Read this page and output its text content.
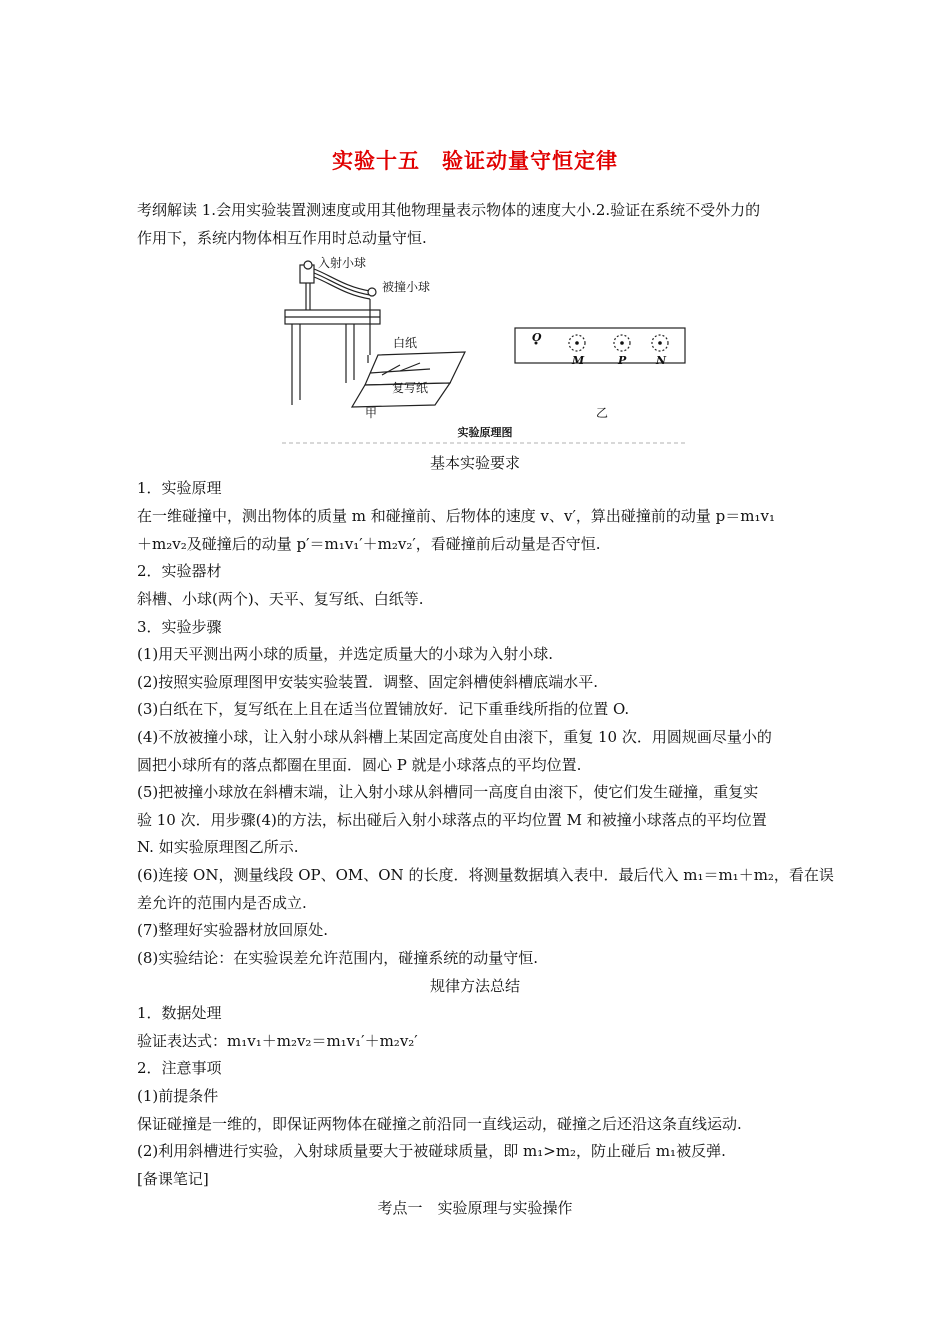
实验十五　验证动量守恒定律
考纲解读 1.会用实验装置测速度或用其他物理量表示物体的速度大小.2.验证在系统不受外力的
作用下，系统内物体相互作用时总动量守恒.
入射小球
被撞小球
白纸
复写纸
O
M	P	N
甲	乙
实验原理图
基本实验要求
1．实验原理
在一维碰撞中，测出物体的质量 m 和碰撞前、后物体的速度 v、v′，算出碰撞前的动量 p＝m₁v₁
＋m₂v₂及碰撞后的动量 p′＝m₁v₁′＋m₂v₂′，看碰撞前后动量是否守恒.
2．实验器材
斜槽、小球(两个)、天平、复写纸、白纸等.
3．实验步骤
(1)用天平测出两小球的质量，并选定质量大的小球为入射小球.
(2)按照实验原理图甲安装实验装置．调整、固定斜槽使斜槽底端水平.
(3)白纸在下，复写纸在上且在适当位置铺放好．记下重垂线所指的位置 O.
(4)不放被撞小球，让入射小球从斜槽上某固定高度处自由滚下，重复 10 次．用圆规画尽量小的
圆把小球所有的落点都圈在里面．圆心 P 就是小球落点的平均位置.
(5)把被撞小球放在斜槽末端，让入射小球从斜槽同一高度自由滚下，使它们发生碰撞，重复实
验 10 次．用步骤(4)的方法，标出碰后入射小球落点的平均位置 M 和被撞小球落点的平均位置
N. 如实验原理图乙所示.
(6)连接 ON，测量线段 OP、OM、ON 的长度．将测量数据填入表中．最后代入 m₁＝m₁＋m₂，看在误
差允许的范围内是否成立.
(7)整理好实验器材放回原处.
(8)实验结论：在实验误差允许范围内，碰撞系统的动量守恒.
规律方法总结
1．数据处理
验证表达式：m₁v₁＋m₂v₂＝m₁v₁′＋m₂v₂′
2．注意事项
(1)前提条件
保证碰撞是一维的，即保证两物体在碰撞之前沿同一直线运动，碰撞之后还沿这条直线运动.
(2)利用斜槽进行实验，入射球质量要大于被碰球质量，即 m₁>m₂，防止碰后 m₁被反弹.
[备课笔记]
考点一　实验原理与实验操作
